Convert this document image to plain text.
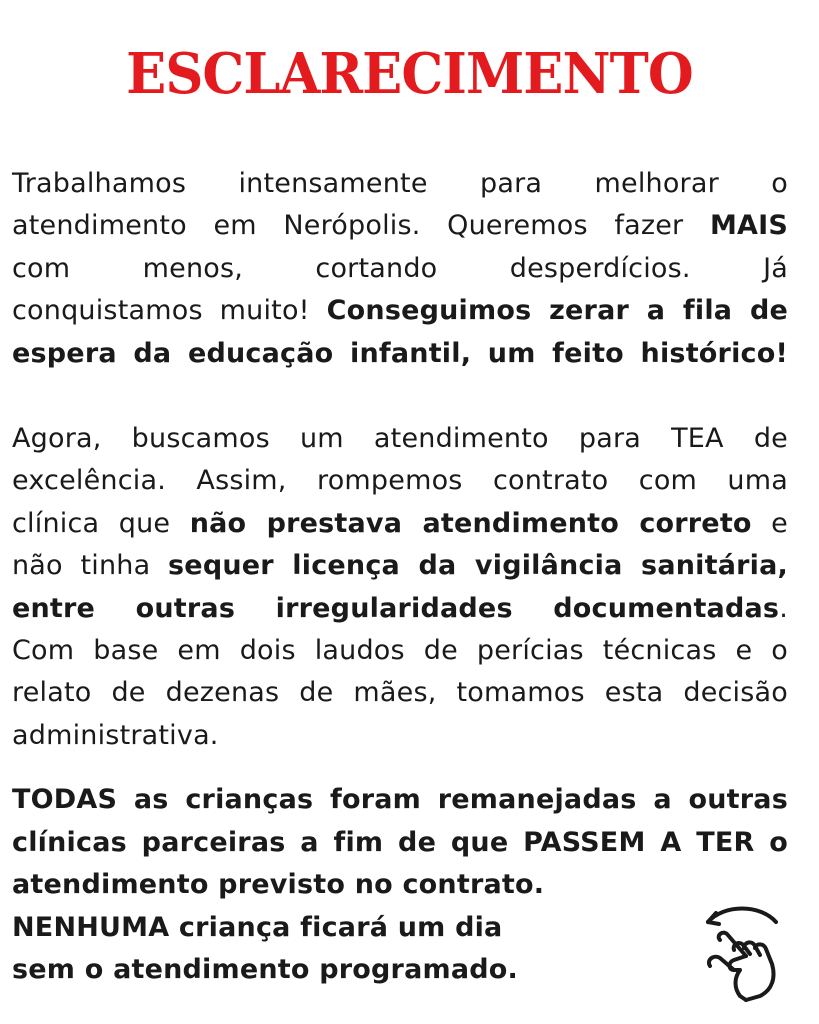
ESCLARECIMENTO
Trabalhamos intensamente para melhorar o
atendimento em Nerópolis. Queremos fazer MAIS
com menos, cortando desperdícios. Já
conquistamos muito! Conseguimos zerar a fila de
espera da educação infantil, um feito histórico!
Agora, buscamos um atendimento para TEA de
excelência. Assim, rompemos contrato com uma
clínica que não prestava atendimento correto e
não tinha sequer licença da vigilância sanitária,
entre outras irregularidades documentadas.
Com base em dois laudos de perícias técnicas e o
relato de dezenas de mães, tomamos esta decisão
administrativa.
TODAS as crianças foram remanejadas a outras
clínicas parceiras a fim de que PASSEM A TER o
atendimento previsto no contrato.
NENHUMA criança ficará um dia
sem o atendimento programado.
